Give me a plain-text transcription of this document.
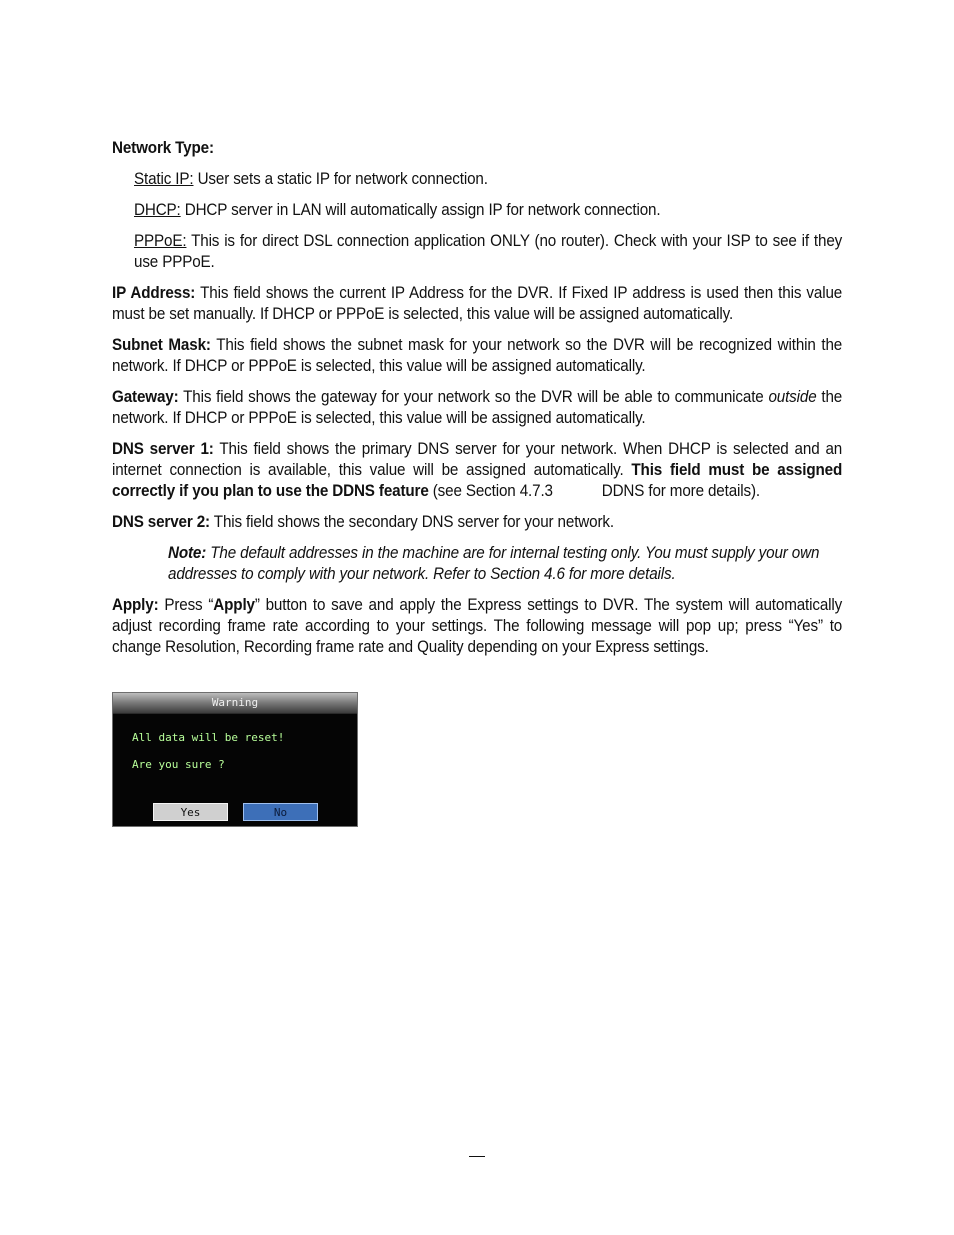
Network Type:

Static IP: User sets a static IP for network connection.

DHCP: DHCP server in LAN will automatically assign IP for network connection.

PPPoE: This is for direct DSL connection application ONLY (no router). Check with your ISP to see if they use PPPoE.

IP Address: This field shows the current IP Address for the DVR. If Fixed IP address is used then this value must be set manually. If DHCP or PPPoE is selected, this value will be assigned automatically.

Subnet Mask: This field shows the subnet mask for your network so the DVR will be recognized within the network. If DHCP or PPPoE is selected, this value will be assigned automatically.

Gateway: This field shows the gateway for your network so the DVR will be able to communicate outside the network. If DHCP or PPPoE is selected, this value will be assigned automatically.

DNS server 1: This field shows the primary DNS server for your network. When DHCP is selected and an internet connection is available, this value will be assigned automatically. This field must be assigned correctly if you plan to use the DDNS feature (see Section 4.7.3	DDNS for more details).

DNS server 2: This field shows the secondary DNS server for your network.

Note: The default addresses in the machine are for internal testing only. You must supply your own addresses to comply with your network. Refer to Section 4.6 for more details.

Apply: Press “Apply” button to save and apply the Express settings to DVR. The system will automatically adjust recording frame rate according to your settings. The following message will pop up; press “Yes” to change Resolution, Recording frame rate and Quality depending on your Express settings.

Warning
All data will be reset!
Are you sure ?
Yes	No
